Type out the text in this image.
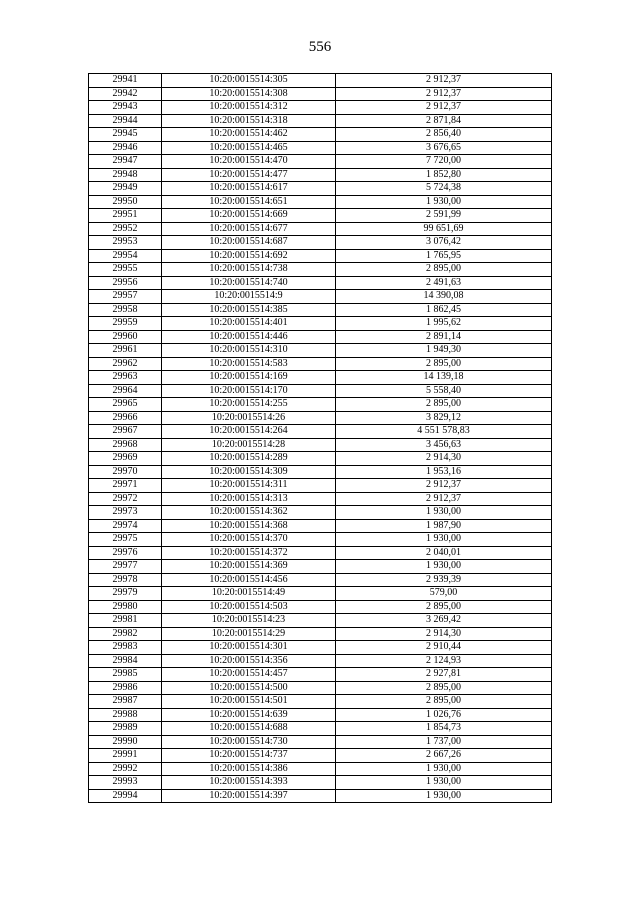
556
29941	10:20:0015514:305	2 912,37
29942	10:20:0015514:308	2 912,37
29943	10:20:0015514:312	2 912,37
29944	10:20:0015514:318	2 871,84
29945	10:20:0015514:462	2 856,40
29946	10:20:0015514:465	3 676,65
29947	10:20:0015514:470	7 720,00
29948	10:20:0015514:477	1 852,80
29949	10:20:0015514:617	5 724,38
29950	10:20:0015514:651	1 930,00
29951	10:20:0015514:669	2 591,99
29952	10:20:0015514:677	99 651,69
29953	10:20:0015514:687	3 076,42
29954	10:20:0015514:692	1 765,95
29955	10:20:0015514:738	2 895,00
29956	10:20:0015514:740	2 491,63
29957	10:20:0015514:9	14 390,08
29958	10:20:0015514:385	1 862,45
29959	10:20:0015514:401	1 995,62
29960	10:20:0015514:446	2 891,14
29961	10:20:0015514:310	1 949,30
29962	10:20:0015514:583	2 895,00
29963	10:20:0015514:169	14 139,18
29964	10:20:0015514:170	5 558,40
29965	10:20:0015514:255	2 895,00
29966	10:20:0015514:26	3 829,12
29967	10:20:0015514:264	4 551 578,83
29968	10:20:0015514:28	3 456,63
29969	10:20:0015514:289	2 914,30
29970	10:20:0015514:309	1 953,16
29971	10:20:0015514:311	2 912,37
29972	10:20:0015514:313	2 912,37
29973	10:20:0015514:362	1 930,00
29974	10:20:0015514:368	1 987,90
29975	10:20:0015514:370	1 930,00
29976	10:20:0015514:372	2 040,01
29977	10:20:0015514:369	1 930,00
29978	10:20:0015514:456	2 939,39
29979	10:20:0015514:49	579,00
29980	10:20:0015514:503	2 895,00
29981	10:20:0015514:23	3 269,42
29982	10:20:0015514:29	2 914,30
29983	10:20:0015514:301	2 910,44
29984	10:20:0015514:356	2 124,93
29985	10:20:0015514:457	2 927,81
29986	10:20:0015514:500	2 895,00
29987	10:20:0015514:501	2 895,00
29988	10:20:0015514:639	1 026,76
29989	10:20:0015514:688	1 854,73
29990	10:20:0015514:730	1 737,00
29991	10:20:0015514:737	2 667,26
29992	10:20:0015514:386	1 930,00
29993	10:20:0015514:393	1 930,00
29994	10:20:0015514:397	1 930,00
